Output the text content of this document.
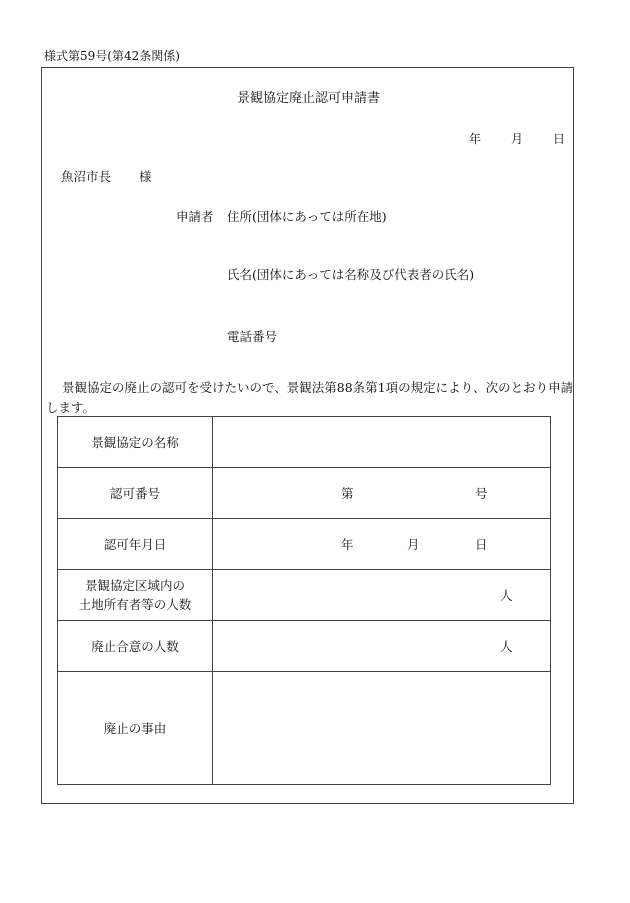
様式第59号(第42条関係)
景観協定廃止認可申請書
年	月	日
魚沼市長 様
申請者 住所(団体にあっては所在地)
氏名(団体にあっては名称及び代表者の氏名)
電話番号
景観協定の廃止の認可を受けたいので、景観法第88条第1項の規定により、次のとおり申請します。
景観協定の名称	
認可番号	第 号

認可年月日	年 月 日

景観協定区域内の
土地所有者等の人数	人

廃止合意の人数	人

廃止の事由	
